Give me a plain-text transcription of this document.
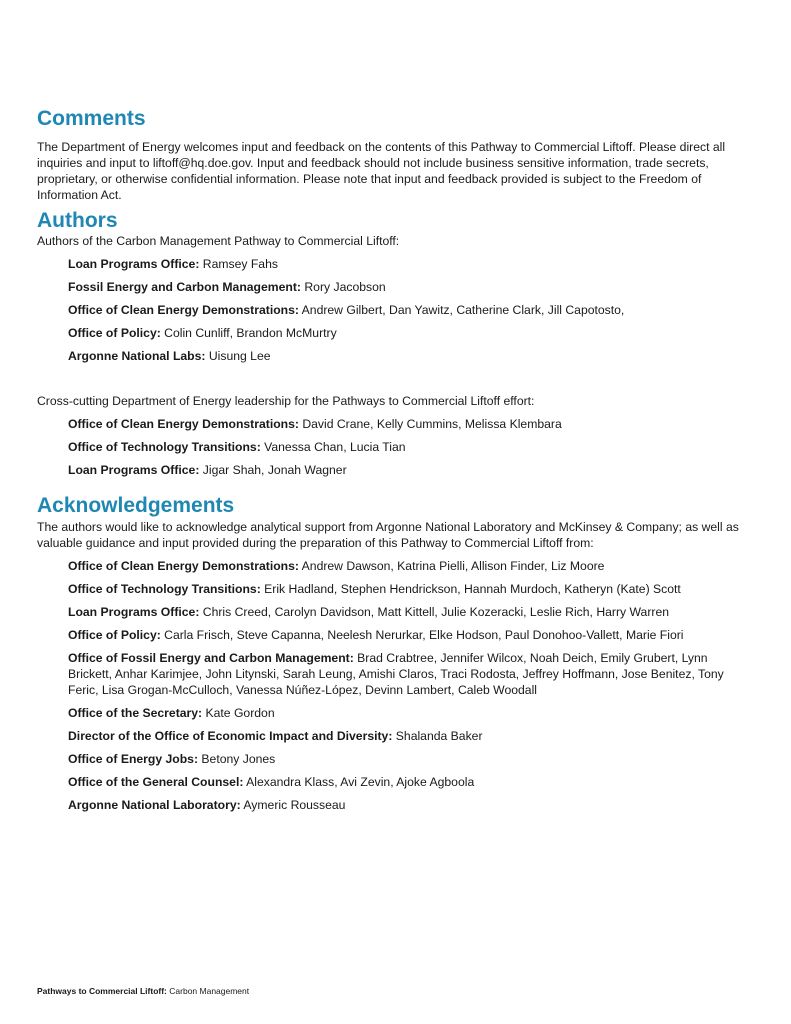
Comments

The Department of Energy welcomes input and feedback on the contents of this Pathway to Commercial Liftoff. Please direct all inquiries and input to liftoff@hq.doe.gov. Input and feedback should not include business sensitive information, trade secrets, proprietary, or otherwise confidential information. Please note that input and feedback provided is subject to the Freedom of Information Act.

Authors

Authors of the Carbon Management Pathway to Commercial Liftoff:

Loan Programs Office: Ramsey Fahs
Fossil Energy and Carbon Management: Rory Jacobson
Office of Clean Energy Demonstrations: Andrew Gilbert, Dan Yawitz, Catherine Clark, Jill Capotosto,
Office of Policy: Colin Cunliff, Brandon McMurtry
Argonne National Labs: Uisung Lee

Cross-cutting Department of Energy leadership for the Pathways to Commercial Liftoff effort:

Office of Clean Energy Demonstrations: David Crane, Kelly Cummins, Melissa Klembara
Office of Technology Transitions: Vanessa Chan, Lucia Tian
Loan Programs Office: Jigar Shah, Jonah Wagner
Acknowledgements

The authors would like to acknowledge analytical support from Argonne National Laboratory and McKinsey & Company; as well as valuable guidance and input provided during the preparation of this Pathway to Commercial Liftoff from:

Office of Clean Energy Demonstrations: Andrew Dawson, Katrina Pielli, Allison Finder, Liz Moore
Office of Technology Transitions: Erik Hadland, Stephen Hendrickson, Hannah Murdoch, Katheryn (Kate) Scott
Loan Programs Office: Chris Creed, Carolyn Davidson, Matt Kittell, Julie Kozeracki, Leslie Rich, Harry Warren
Office of Policy: Carla Frisch, Steve Capanna, Neelesh Nerurkar, Elke Hodson, Paul Donohoo-Vallett, Marie Fiori
Office of Fossil Energy and Carbon Management: Brad Crabtree, Jennifer Wilcox, Noah Deich, Emily Grubert, Lynn Brickett, Anhar Karimjee, John Litynski, Sarah Leung, Amishi Claros, Traci Rodosta, Jeffrey Hoffmann, Jose Benitez, Tony Feric, Lisa Grogan-McCulloch, Vanessa Núñez-López, Devinn Lambert, Caleb Woodall
Office of the Secretary: Kate Gordon
Director of the Office of Economic Impact and Diversity: Shalanda Baker
Office of Energy Jobs: Betony Jones
Office of the General Counsel: Alexandra Klass, Avi Zevin, Ajoke Agboola
Argonne National Laboratory: Aymeric Rousseau
Pathways to Commercial Liftoff: Carbon Management
